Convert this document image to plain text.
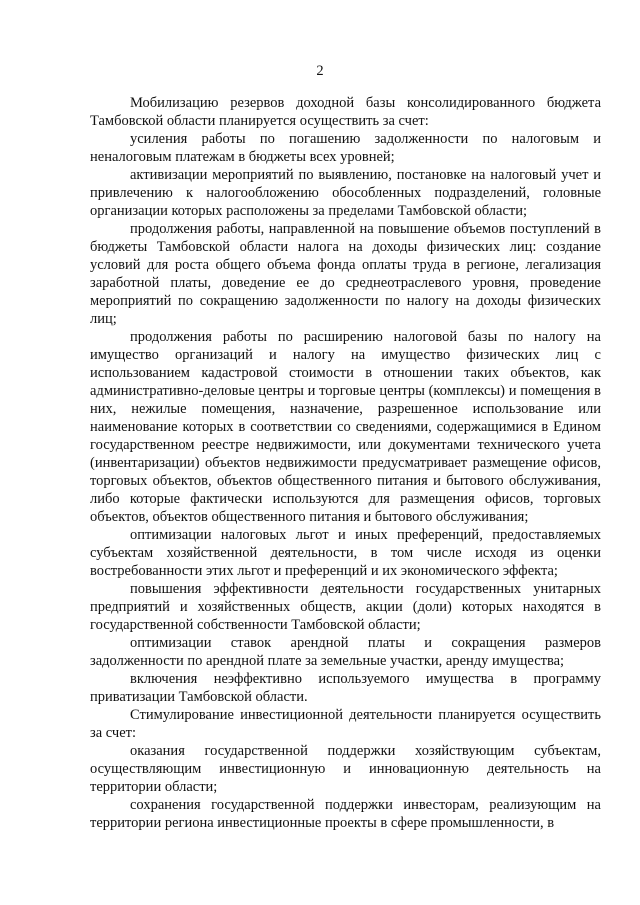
2

Мобилизацию резервов доходной базы консолидированного бюджета Тамбовской области планируется осуществить за счет:

усиления работы по погашению задолженности по налоговым и неналоговым платежам в бюджеты всех уровней;

активизации мероприятий по выявлению, постановке на налоговый учет и привлечению к налогообложению обособленных подразделений, головные организации которых расположены за пределами Тамбовской области;

продолжения работы, направленной на повышение объемов поступлений в бюджеты Тамбовской области налога на доходы физических лиц: создание условий для роста общего объема фонда оплаты труда в регионе, легализация заработной платы, доведение ее до среднеотраслевого уровня, проведение мероприятий по сокращению задолженности по налогу на доходы физических лиц;

продолжения работы по расширению налоговой базы по налогу на имущество организаций и налогу на имущество физических лиц с использованием кадастровой стоимости в отношении таких объектов, как административно-деловые центры и торговые центры (комплексы) и помещения в них, нежилые помещения, назначение, разрешенное использование или наименование которых в соответствии со сведениями, содержащимися в Едином государственном реестре недвижимости, или документами технического учета (инвентаризации) объектов недвижимости предусматривает размещение офисов, торговых объектов, объектов общественного питания и бытового обслуживания, либо которые фактически используются для размещения офисов, торговых объектов, объектов общественного питания и бытового обслуживания;

оптимизации налоговых льгот и иных преференций, предоставляемых субъектам хозяйственной деятельности, в том числе исходя из оценки востребованности этих льгот и преференций и их экономического эффекта;

повышения эффективности деятельности государственных унитарных предприятий и хозяйственных обществ, акции (доли) которых находятся в государственной собственности Тамбовской области;

оптимизации ставок арендной платы и сокращения размеров задолженности по арендной плате за земельные участки, аренду имущества;

включения неэффективно используемого имущества в программу приватизации Тамбовской области.

Стимулирование инвестиционной деятельности планируется осуществить за счет:

оказания государственной поддержки хозяйствующим субъектам, осуществляющим инвестиционную и инновационную деятельность на территории области;

сохранения государственной поддержки инвесторам, реализующим на территории региона инвестиционные проекты в сфере промышленности, в
